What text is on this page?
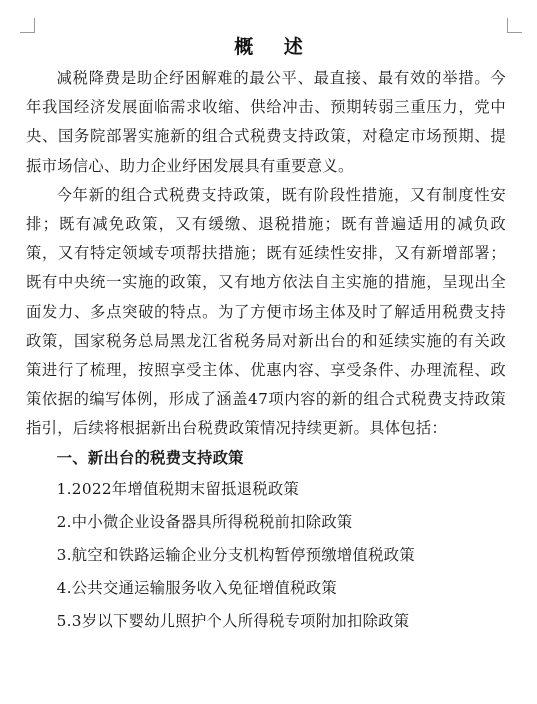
概 述

减税降费是助企纾困解难的最公平、最直接、最有效的举措。今年我国经济发展面临需求收缩、供给冲击、预期转弱三重压力，党中央、国务院部署实施新的组合式税费支持政策，对稳定市场预期、提振市场信心、助力企业纾困发展具有重要意义。

今年新的组合式税费支持政策，既有阶段性措施，又有制度性安排；既有减免政策，又有缓缴、退税措施；既有普遍适用的减负政策，又有特定领域专项帮扶措施；既有延续性安排，又有新增部署；既有中央统一实施的政策，又有地方依法自主实施的措施，呈现出全面发力、多点突破的特点。为了方便市场主体及时了解适用税费支持政策，国家税务总局黑龙江省税务局对新出台的和延续实施的有关政策进行了梳理，按照享受主体、优惠内容、享受条件、办理流程、政策依据的编写体例，形成了涵盖47项内容的新的组合式税费支持政策指引，后续将根据新出台税费政策情况持续更新。具体包括：

一、新出台的税费支持政策

1.2022年增值税期末留抵退税政策
2.中小微企业设备器具所得税税前扣除政策
3.航空和铁路运输企业分支机构暂停预缴增值税政策
4.公共交通运输服务收入免征增值税政策
5.3岁以下婴幼儿照护个人所得税专项附加扣除政策
